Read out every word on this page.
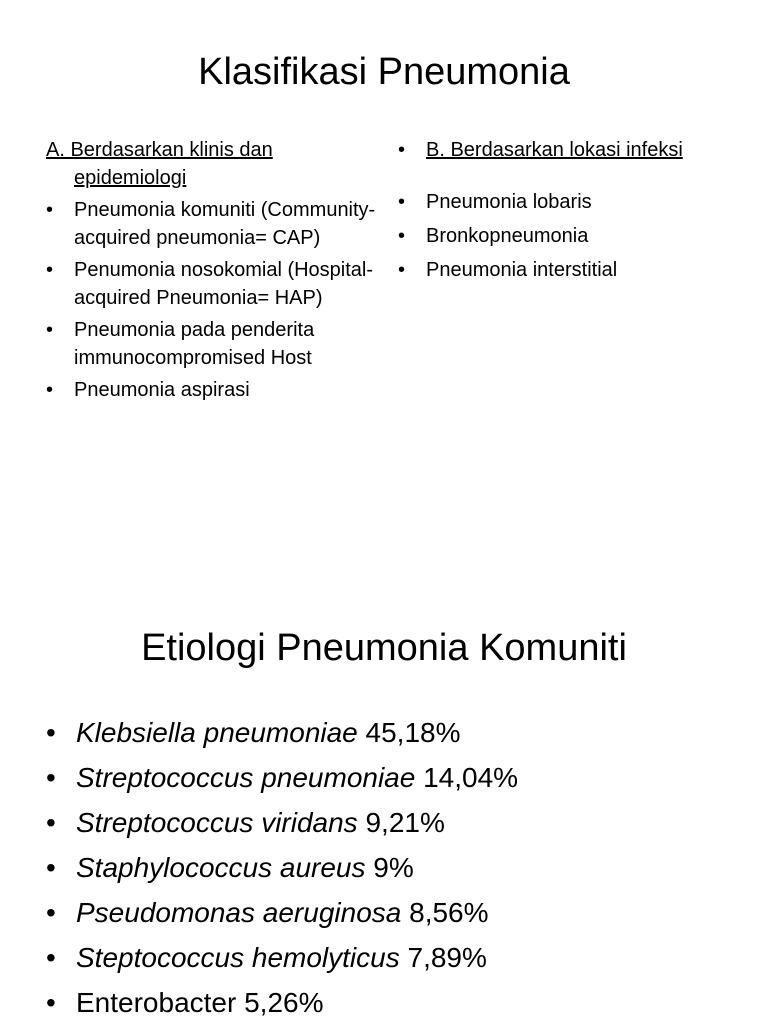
Klasifikasi Pneumonia
A. Berdasarkan klinis dan epidemiologi
• Pneumonia komuniti (Community-acquired pneumonia= CAP)
• Penumonia nosokomial (Hospital-acquired Pneumonia= HAP)
• Pneumonia pada penderita immunocompromised Host
• Pneumonia aspirasi
• B. Berdasarkan lokasi infeksi
• Pneumonia lobaris
• Bronkopneumonia
• Pneumonia interstitial
Etiologi Pneumonia Komuniti
• Klebsiella pneumoniae 45,18%
• Streptococcus pneumoniae 14,04%
• Streptococcus viridans 9,21%
• Staphylococcus aureus 9%
• Pseudomonas aeruginosa 8,56%
• Steptococcus hemolyticus 7,89%
• Enterobacter 5,26%
